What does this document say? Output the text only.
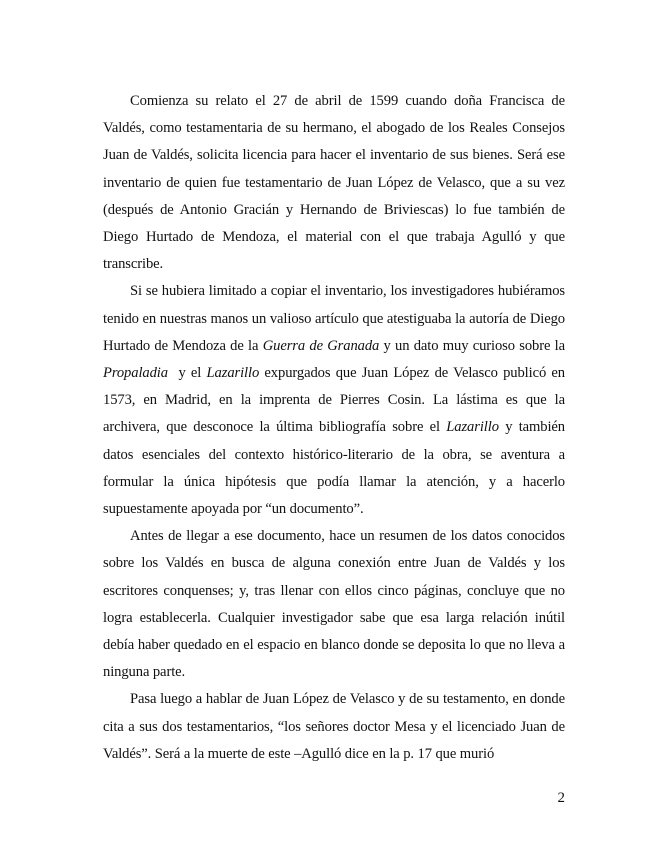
Comienza su relato el 27 de abril de 1599 cuando doña Francisca de Valdés, como testamentaria de su hermano, el abogado de los Reales Consejos Juan de Valdés, solicita licencia para hacer el inventario de sus bienes. Será ese inventario de quien fue testamentario de Juan López de Velasco, que a su vez (después de Antonio Gracián y Hernando de Briviescas) lo fue también de Diego Hurtado de Mendoza, el material con el que trabaja Agulló y que transcribe.

Si se hubiera limitado a copiar el inventario, los investigadores hubiéramos tenido en nuestras manos un valioso artículo que atestiguaba la autoría de Diego Hurtado de Mendoza de la Guerra de Granada y un dato muy curioso sobre la Propaladia  y el Lazarillo expurgados que Juan López de Velasco publicó en 1573, en Madrid, en la imprenta de Pierres Cosin. La lástima es que la archivera, que desconoce la última bibliografía sobre el Lazarillo y también datos esenciales del contexto histórico-literario de la obra, se aventura a formular la única hipótesis que podía llamar la atención, y a hacerlo supuestamente apoyada por “un documento”.

Antes de llegar a ese documento, hace un resumen de los datos conocidos sobre los Valdés en busca de alguna conexión entre Juan de Valdés y los escritores conquenses; y, tras llenar con ellos cinco páginas, concluye que no logra establecerla. Cualquier investigador sabe que esa larga relación inútil debía haber quedado en el espacio en blanco donde se deposita lo que no lleva a ninguna parte.

Pasa luego a hablar de Juan López de Velasco y de su testamento, en donde cita a sus dos testamentarios, “los señores doctor Mesa y el licenciado Juan de Valdés”. Será a la muerte de este –Agulló dice en la p. 17 que murió

2
